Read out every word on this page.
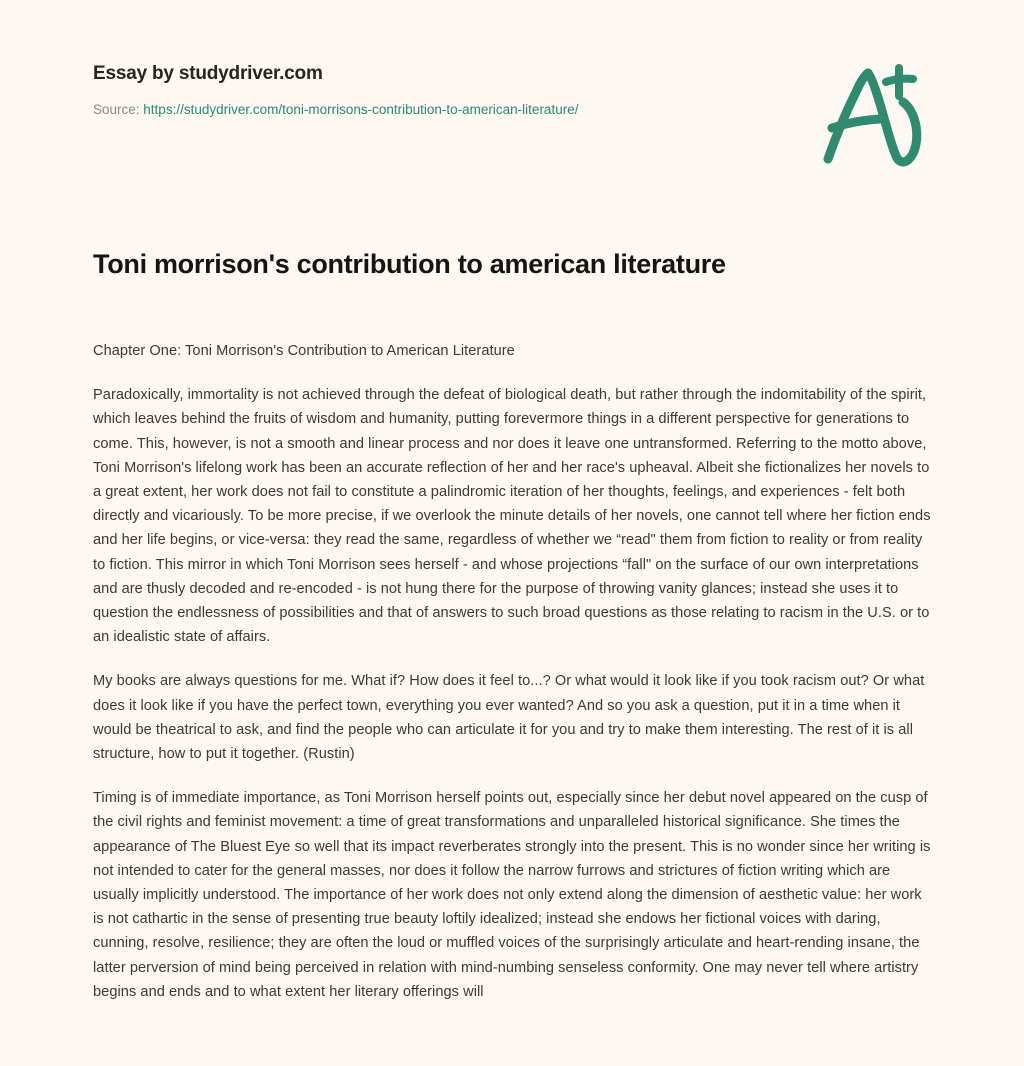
Essay by studydriver.com
Source: https://studydriver.com/toni-morrisons-contribution-to-american-literature/
Toni morrison's contribution to american literature

Chapter One: Toni Morrison's Contribution to American Literature

Paradoxically, immortality is not achieved through the defeat of biological death, but rather through the indomitability of the spirit, which leaves behind the fruits of wisdom and humanity, putting forevermore things in a different perspective for generations to come. This, however, is not a smooth and linear process and nor does it leave one untransformed. Referring to the motto above, Toni Morrison's lifelong work has been an accurate reflection of her and her race's upheaval. Albeit she fictionalizes her novels to a great extent, her work does not fail to constitute a palindromic iteration of her thoughts, feelings, and experiences - felt both directly and vicariously. To be more precise, if we overlook the minute details of her novels, one cannot tell where her fiction ends and her life begins, or vice-versa: they read the same, regardless of whether we “read" them from fiction to reality or from reality to fiction. This mirror in which Toni Morrison sees herself - and whose projections “fall" on the surface of our own interpretations and are thusly decoded and re-encoded - is not hung there for the purpose of throwing vanity glances; instead she uses it to question the endlessness of possibilities and that of answers to such broad questions as those relating to racism in the U.S. or to an idealistic state of affairs.

My books are always questions for me. What if? How does it feel to...? Or what would it look like if you took racism out? Or what does it look like if you have the perfect town, everything you ever wanted? And so you ask a question, put it in a time when it would be theatrical to ask, and find the people who can articulate it for you and try to make them interesting. The rest of it is all structure, how to put it together. (Rustin)

Timing is of immediate importance, as Toni Morrison herself points out, especially since her debut novel appeared on the cusp of the civil rights and feminist movement: a time of great transformations and unparalleled historical significance. She times the appearance of The Bluest Eye so well that its impact reverberates strongly into the present. This is no wonder since her writing is not intended to cater for the general masses, nor does it follow the narrow furrows and strictures of fiction writing which are usually implicitly understood. The importance of her work does not only extend along the dimension of aesthetic value: her work is not cathartic in the sense of presenting true beauty loftily idealized; instead she endows her fictional voices with daring, cunning, resolve, resilience; they are often the loud or muffled voices of the surprisingly articulate and heart-rending insane, the latter perversion of mind being perceived in relation with mind-numbing senseless conformity. One may never tell where artistry begins and ends and to what extent her literary offerings will
